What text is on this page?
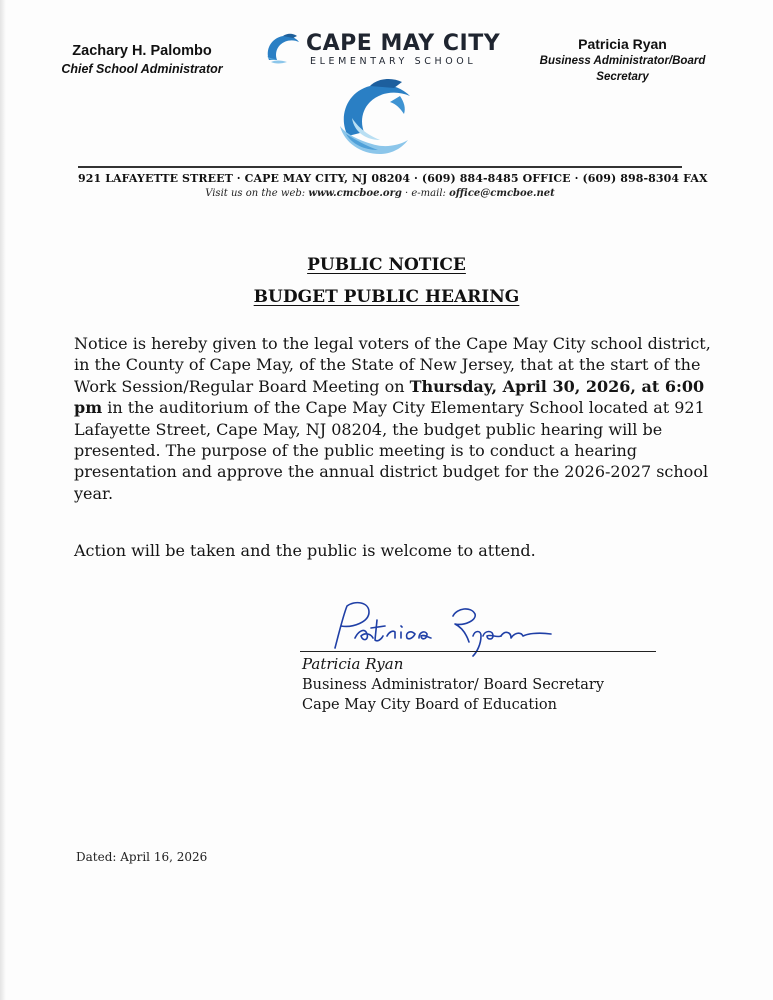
Zachary H. Palombo
Chief School Administrator
CAPE MAY CITY
ELEMENTARY SCHOOL
Patricia Ryan
Business Administrator/Board
Secretary
921 LAFAYETTE STREET · CAPE MAY CITY, NJ 08204 · (609) 884-8485 OFFICE · (609) 898-8304 FAX
Visit us on the web: www.cmcboe.org · e-mail: office@cmcboe.net
PUBLIC NOTICE
BUDGET PUBLIC HEARING
Notice is hereby given to the legal voters of the Cape May City school district, in the County of Cape May, of the State of New Jersey, that at the start of the Work Session/Regular Board Meeting on Thursday, April 30, 2026, at 6:00 pm in the auditorium of the Cape May City Elementary School located at 921 Lafayette Street, Cape May, NJ 08204, the budget public hearing will be presented. The purpose of the public meeting is to conduct a hearing presentation and approve the annual district budget for the 2026-2027 school year.
Action will be taken and the public is welcome to attend.
Patricia Ryan
Business Administrator/ Board Secretary
Cape May City Board of Education
Dated: April 16, 2026
